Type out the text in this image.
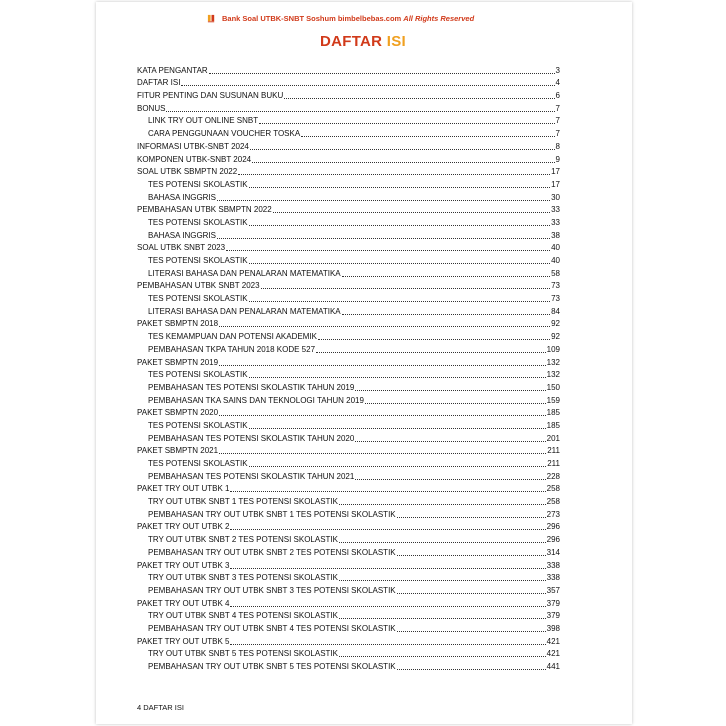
Bank Soal UTBK-SNBT Soshum bimbelbebas.com All Rights Reserved
DAFTAR ISI
KATA PENGANTAR	3
DAFTAR ISI	4
FITUR PENTING DAN SUSUNAN BUKU	6
BONUS	7
LINK TRY OUT ONLINE SNBT	7
CARA PENGGUNAAN VOUCHER TOSKA	7
INFORMASI UTBK-SNBT 2024	8
KOMPONEN UTBK-SNBT 2024	9
SOAL UTBK SBMPTN 2022	17
TES POTENSI SKOLASTIK	17
BAHASA INGGRIS	30
PEMBAHASAN UTBK SBMPTN 2022	33
TES POTENSI SKOLASTIK	33
BAHASA INGGRIS	38
SOAL UTBK SNBT 2023	40
TES POTENSI SKOLASTIK	40
LITERASI BAHASA DAN PENALARAN MATEMATIKA	58
PEMBAHASAN UTBK SNBT 2023	73
TES POTENSI SKOLASTIK	73
LITERASI BAHASA DAN PENALARAN MATEMATIKA	84
PAKET SBMPTN 2018	92
TES KEMAMPUAN DAN POTENSI AKADEMIK	92
PEMBAHASAN TKPA TAHUN 2018 KODE 527	109
PAKET SBMPTN 2019	132
TES POTENSI SKOLASTIK	132
PEMBAHASAN TES POTENSI SKOLASTIK TAHUN 2019	150
PEMBAHASAN TKA SAINS DAN TEKNOLOGI TAHUN 2019	159
PAKET SBMPTN 2020	185
TES POTENSI SKOLASTIK	185
PEMBAHASAN TES POTENSI SKOLASTIK TAHUN 2020	201
PAKET SBMPTN 2021	211
TES POTENSI SKOLASTIK	211
PEMBAHASAN TES POTENSI SKOLASTIK TAHUN 2021	228
PAKET TRY OUT UTBK 1	258
TRY OUT UTBK SNBT 1 TES POTENSI SKOLASTIK	258
PEMBAHASAN TRY OUT UTBK SNBT 1 TES POTENSI SKOLASTIK	273
PAKET TRY OUT UTBK 2	296
TRY OUT UTBK SNBT 2 TES POTENSI SKOLASTIK	296
PEMBAHASAN TRY OUT UTBK SNBT 2 TES POTENSI SKOLASTIK	314
PAKET TRY OUT UTBK 3	338
TRY OUT UTBK SNBT 3 TES POTENSI SKOLASTIK	338
PEMBAHASAN TRY OUT UTBK SNBT 3 TES POTENSI SKOLASTIK	357
PAKET TRY OUT UTBK 4	379
TRY OUT UTBK SNBT 4 TES POTENSI SKOLASTIK	379
PEMBAHASAN TRY OUT UTBK SNBT 4 TES POTENSI SKOLASTIK	398
PAKET TRY OUT UTBK 5	421
TRY OUT UTBK SNBT 5 TES POTENSI SKOLASTIK	421
PEMBAHASAN TRY OUT UTBK SNBT 5 TES POTENSI SKOLASTIK	441
4 DAFTAR ISI
